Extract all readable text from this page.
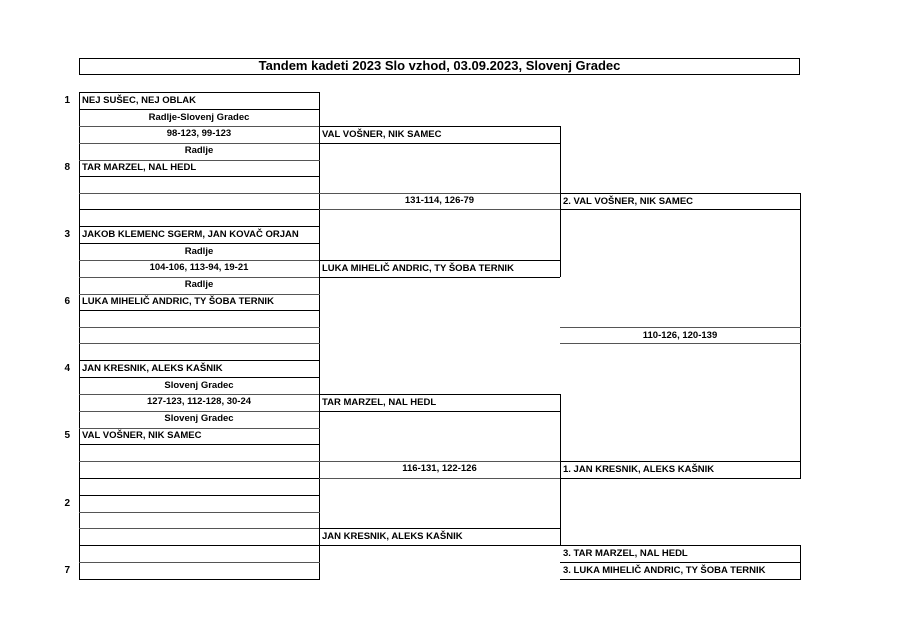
Tandem kadeti 2023 Slo vzhod, 03.09.2023, Slovenj Gradec
1
8
3
6
4
5
2
7
NEJ SUŠEC, NEJ OBLAK
Radlje-Slovenj Gradec
98-123, 99-123
Radlje
TAR MARZEL, NAL HEDL
JAKOB KLEMENC SGERM, JAN KOVAČ ORJAN
Radlje
104-106, 113-94, 19-21
Radlje
LUKA MIHELIČ ANDRIC, TY ŠOBA TERNIK
JAN KRESNIK, ALEKS KAŠNIK
Slovenj Gradec
127-123, 112-128, 30-24
Slovenj Gradec
VAL VOŠNER, NIK SAMEC
VAL VOŠNER, NIK SAMEC
131-114, 126-79
LUKA MIHELIČ ANDRIC, TY ŠOBA TERNIK
TAR MARZEL, NAL HEDL
116-131, 122-126
JAN KRESNIK, ALEKS KAŠNIK
2. VAL VOŠNER, NIK SAMEC
110-126, 120-139
1. JAN KRESNIK, ALEKS KAŠNIK
3. TAR MARZEL, NAL HEDL
3. LUKA MIHELIČ ANDRIC, TY ŠOBA TERNIK
